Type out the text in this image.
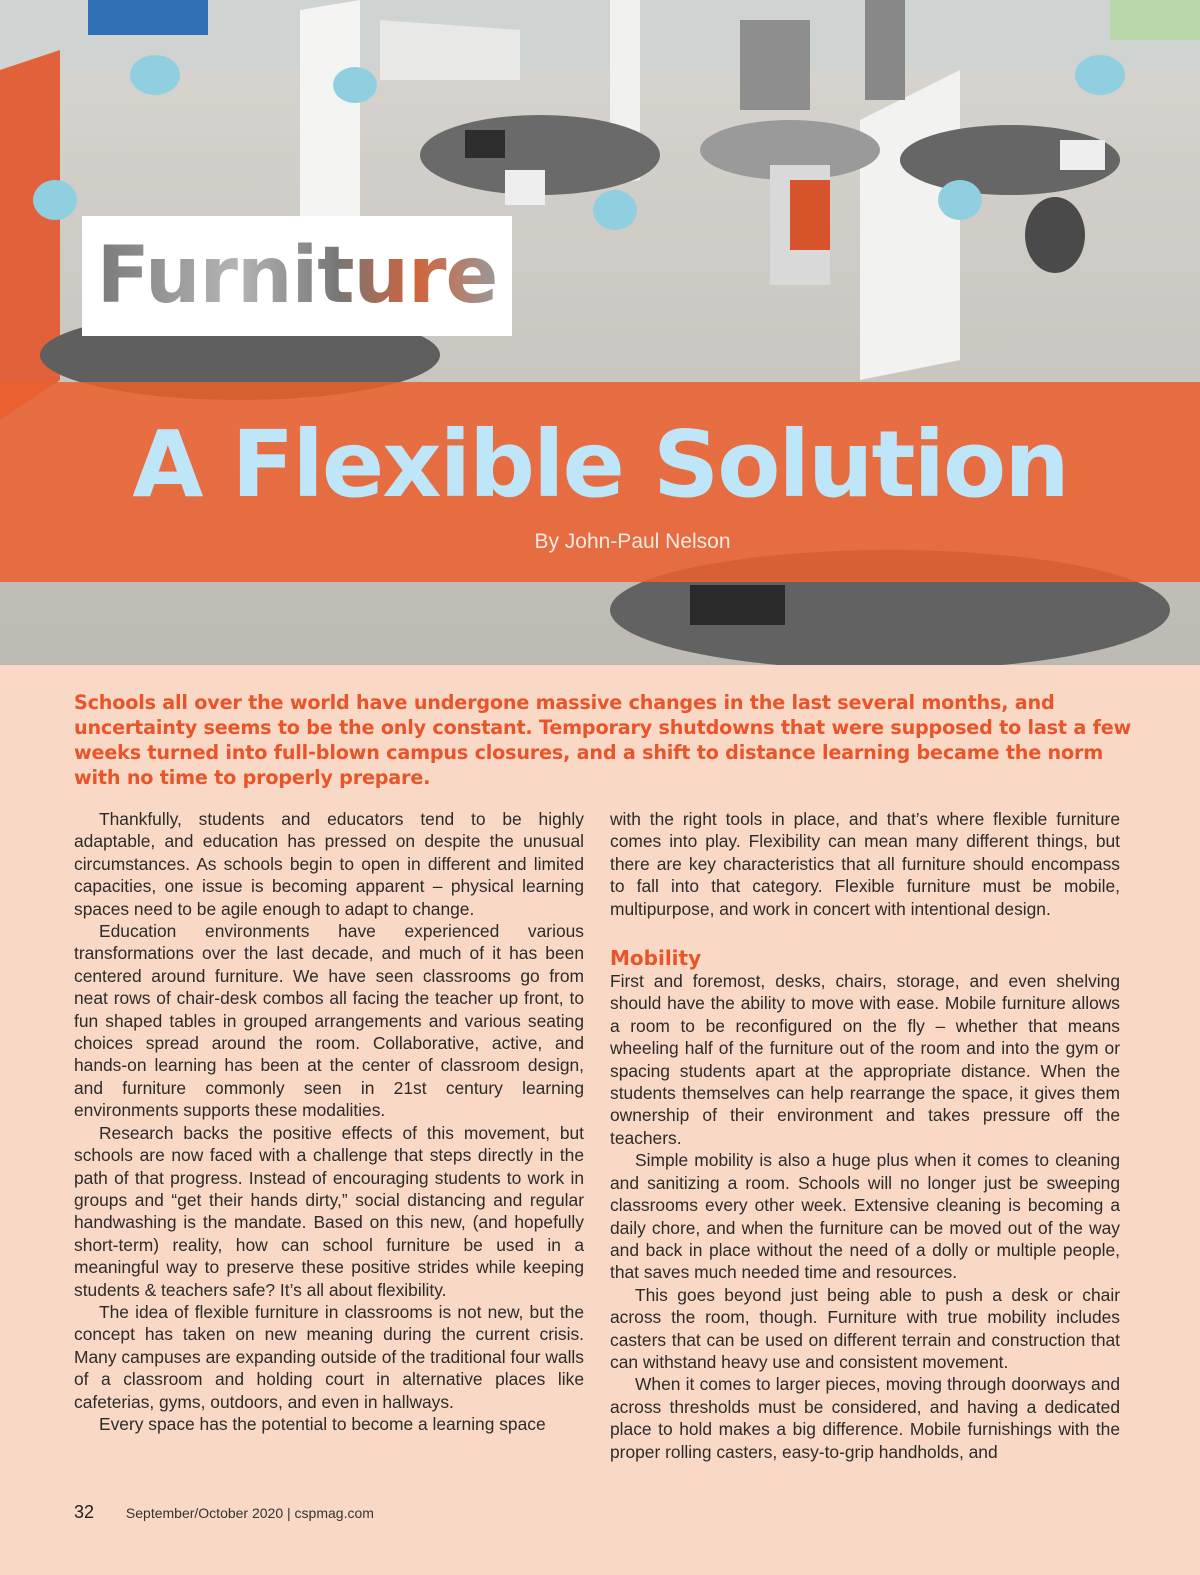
Furniture
A Flexible Solution
By John-Paul Nelson

Schools all over the world have undergone massive changes in the last several months, and uncertainty seems to be the only constant. Temporary shutdowns that were supposed to last a few weeks turned into full-blown campus closures, and a shift to distance learning became the norm with no time to properly prepare.

Thankfully, students and educators tend to be highly adaptable, and education has pressed on despite the unusual circumstances. As schools begin to open in different and limited capacities, one issue is becoming apparent – physical learning spaces need to be agile enough to adapt to change.

Education environments have experienced various transformations over the last decade, and much of it has been centered around furniture. We have seen classrooms go from neat rows of chair-desk combos all facing the teacher up front, to fun shaped tables in grouped arrangements and various seating choices spread around the room. Collaborative, active, and hands-on learning has been at the center of classroom design, and furniture commonly seen in 21st century learning environments supports these modalities.

Research backs the positive effects of this movement, but schools are now faced with a challenge that steps directly in the path of that progress. Instead of encouraging students to work in groups and “get their hands dirty,” social distancing and regular handwashing is the mandate. Based on this new, (and hopefully short-term) reality, how can school furniture be used in a meaningful way to preserve these positive strides while keeping students & teachers safe? It’s all about flexibility.

The idea of flexible furniture in classrooms is not new, but the concept has taken on new meaning during the current crisis. Many campuses are expanding outside of the traditional four walls of a classroom and holding court in alternative places like cafeterias, gyms, outdoors, and even in hallways.

Every space has the potential to become a learning space

with the right tools in place, and that’s where flexible furniture comes into play. Flexibility can mean many different things, but there are key characteristics that all furniture should encompass to fall into that category. Flexible furniture must be mobile, multipurpose, and work in concert with intentional design.

Mobility

First and foremost, desks, chairs, storage, and even shelving should have the ability to move with ease. Mobile furniture allows a room to be reconfigured on the fly – whether that means wheeling half of the furniture out of the room and into the gym or spacing students apart at the appropriate distance. When the students themselves can help rearrange the space, it gives them ownership of their environment and takes pressure off the teachers.

Simple mobility is also a huge plus when it comes to cleaning and sanitizing a room. Schools will no longer just be sweeping classrooms every other week. Extensive cleaning is becoming a daily chore, and when the furniture can be moved out of the way and back in place without the need of a dolly or multiple people, that saves much needed time and resources.

This goes beyond just being able to push a desk or chair across the room, though. Furniture with true mobility includes casters that can be used on different terrain and construction that can withstand heavy use and consistent movement.

When it comes to larger pieces, moving through doorways and across thresholds must be considered, and having a dedicated place to hold makes a big difference. Mobile furnishings with the proper rolling casters, easy-to-grip handholds, and

32 September/October 2020 | cspmag.com
